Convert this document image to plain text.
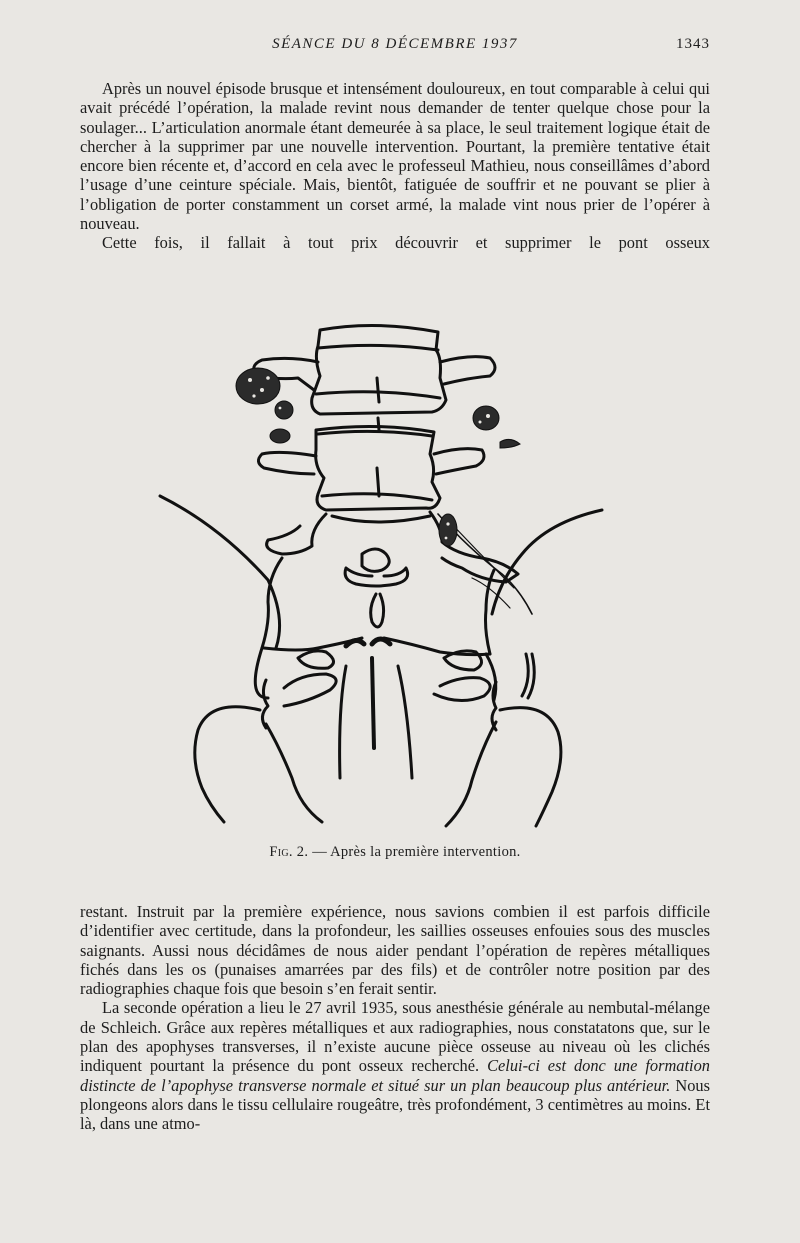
SÉANCE DU 8 DÉCEMBRE 1937	1343

Après un nouvel épisode brusque et intensément douloureux, en tout comparable à celui qui avait précédé l’opération, la malade revint nous demander de tenter quelque chose pour la soulager... L’articulation anormale étant demeurée à sa place, le seul traitement logique était de chercher à la supprimer par une nouvelle intervention. Pourtant, la première tentative était encore bien récente et, d’accord en cela avec le professeul Mathieu, nous conseillâmes d’abord l’usage d’une ceinture spéciale. Mais, bientôt, fatiguée de souffrir et ne pouvant se plier à l’obligation de porter constamment un corset armé, la malade vint nous prier de l’opérer à nouveau.

Cette fois, il fallait à tout prix découvrir et supprimer le pont osseux

Fig. 2. — Après la première intervention.

restant. Instruit par la première expérience, nous savions combien il est parfois difficile d’identifier avec certitude, dans la profondeur, les saillies osseuses enfouies sous des muscles saignants. Aussi nous décidâmes de nous aider pendant l’opération de repères métalliques fichés dans les os (punaises amarrées par des fils) et de contrôler notre position par des radiographies chaque fois que besoin s’en ferait sentir.

La seconde opération a lieu le 27 avril 1935, sous anesthésie générale au nembutal-mélange de Schleich. Grâce aux repères métalliques et aux radiographies, nous constatatons que, sur le plan des apophyses transverses, il n’existe aucune pièce osseuse au niveau où les clichés indiquent pourtant la présence du pont osseux recherché. Celui-ci est donc une formation distincte de l’apophyse transverse normale et situé sur un plan beaucoup plus antérieur. Nous plongeons alors dans le tissu cellulaire rougeâtre, très profondément, 3 centimètres au moins. Et là, dans une atmo-
